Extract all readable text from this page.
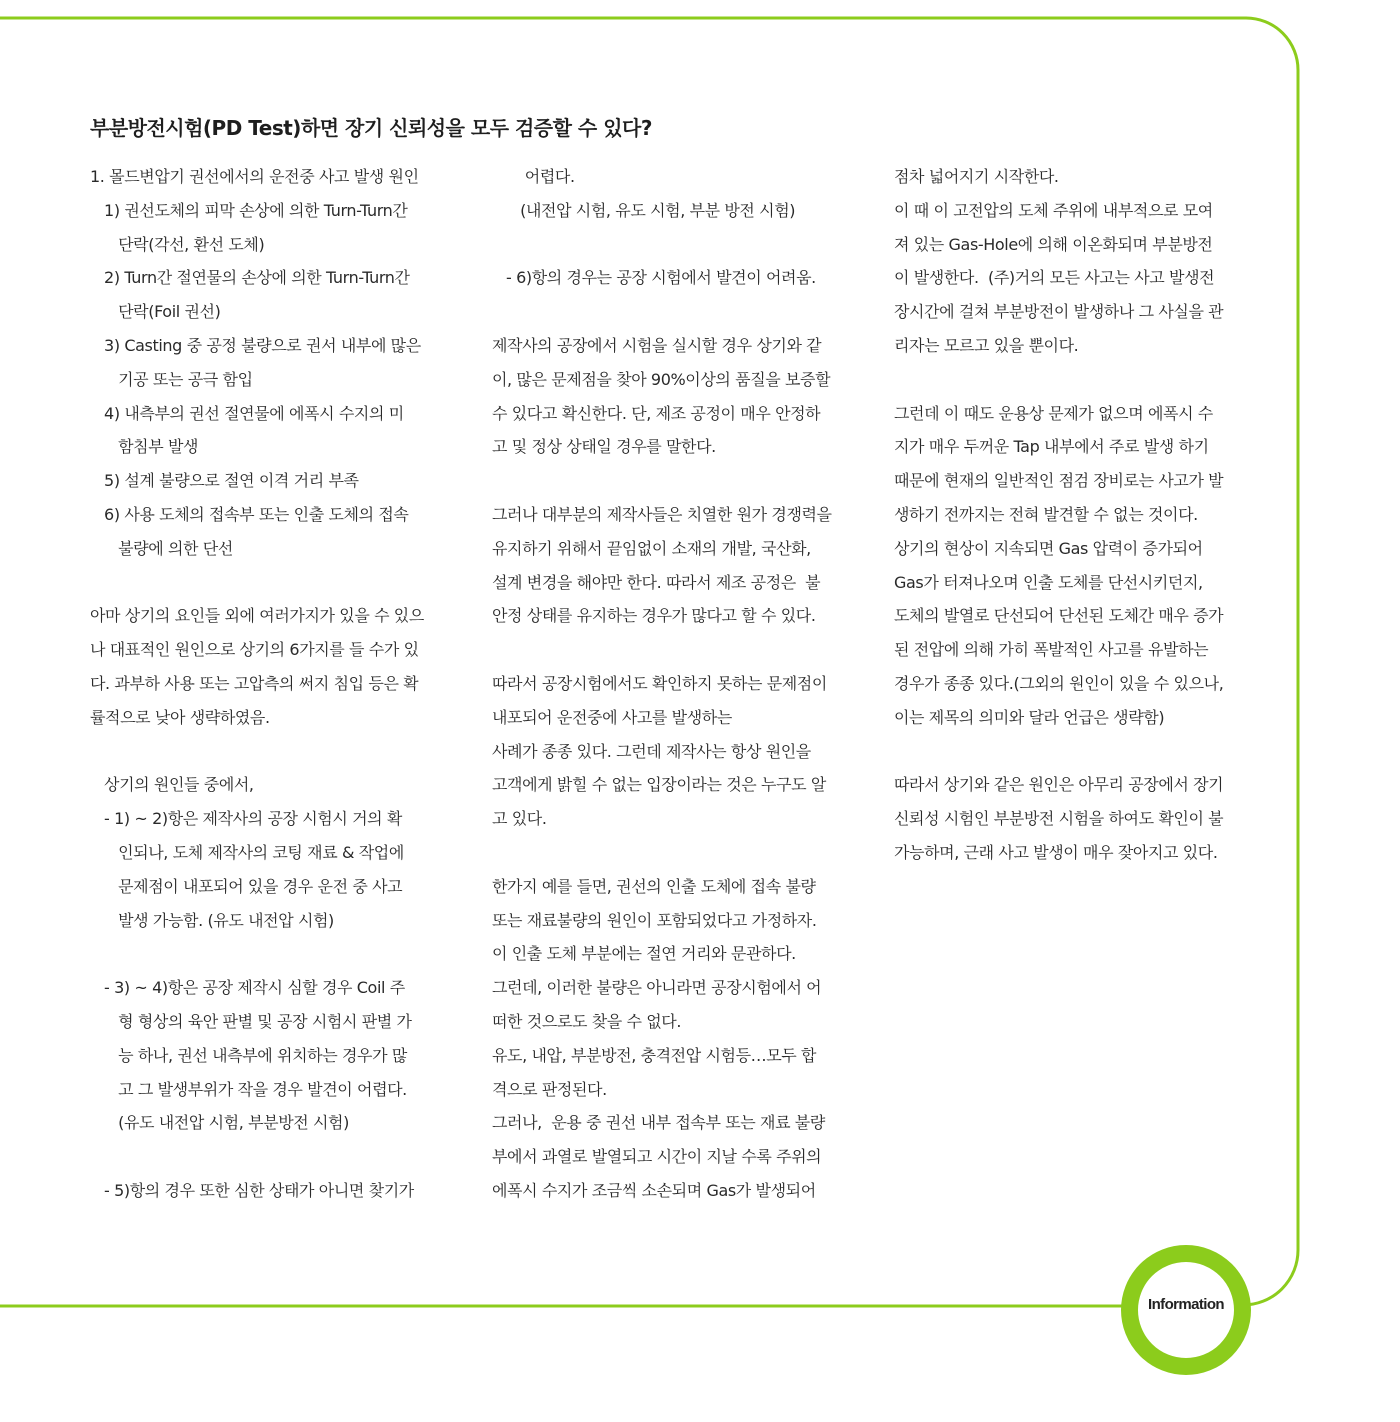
부분방전시험(PD Test)하면 장기 신뢰성을 모두 검증할 수 있다?

1. 몰드변압기 권선에서의 운전중 사고 발생 원인

1) 권선도체의 피막 손상에 의한 Turn-Turn간

단락(각선, 환선 도체)

2) Turn간 절연물의 손상에 의한 Turn-Turn간

단락(Foil 권선)

3) Casting 중 공정 불량으로 권서 내부에 많은

기공 또는 공극 함입

4) 내측부의 권선 절연물에 에폭시 수지의 미

함침부 발생

5) 설계 불량으로 절연 이격 거리 부족

6) 사용 도체의 접속부 또는 인출 도체의 접속

불량에 의한 단선

아마 상기의 요인들 외에 여러가지가 있을 수 있으

나 대표적인 원인으로 상기의 6가지를 들 수가 있

다. 과부하 사용 또는 고압측의 써지 침입 등은 확

률적으로 낮아 생략하였음.

상기의 원인들 중에서,

- 1) ~ 2)항은 제작사의 공장 시험시 거의 확

인되나, 도체 제작사의 코팅 재료 & 작업에

문제점이 내포되어 있을 경우 운전 중 사고

발생 가능함. (유도 내전압 시험)

- 3) ~ 4)항은 공장 제작시 심할 경우 Coil 주

형 형상의 육안 판별 및 공장 시험시 판별 가

능 하나, 권선 내측부에 위치하는 경우가 많

고 그 발생부위가 작을 경우 발견이 어렵다.

(유도 내전압 시험, 부분방전 시험)

- 5)항의 경우 또한 심한 상태가 아니면 찾기가

어렵다.

(내전압 시험, 유도 시험, 부분 방전 시험)

- 6)항의 경우는 공장 시험에서 발견이 어려움.

제작사의 공장에서 시험을 실시할 경우 상기와 같

이, 많은 문제점을 찾아 90%이상의 품질을 보증할

수 있다고 확신한다. 단, 제조 공정이 매우 안정하

고 및 정상 상태일 경우를 말한다.

그러나 대부분의 제작사들은 치열한 원가 경쟁력을

유지하기 위해서 끝임없이 소재의 개발, 국산화,

설계 변경을 해야만 한다. 따라서 제조 공정은  불

안정 상태를 유지하는 경우가 많다고 할 수 있다.

따라서 공장시험에서도 확인하지 못하는 문제점이

내포되어 운전중에 사고를 발생하는

사례가 종종 있다. 그런데 제작사는 항상 원인을

고객에게 밝힐 수 없는 입장이라는 것은 누구도 알

고 있다.

한가지 예를 들면, 권선의 인출 도체에 접속 불량

또는 재료불량의 원인이 포함되었다고 가정하자.

이 인출 도체 부분에는 절연 거리와 문관하다.

그런데, 이러한 불량은 아니라면 공장시험에서 어

떠한 것으로도 찾을 수 없다.

유도, 내압, 부분방전, 충격전압 시험등…모두 합

격으로 판정된다.

그러나,  운용 중 권선 내부 접속부 또는 재료 불량

부에서 과열로 발열되고 시간이 지날 수록 주위의

에폭시 수지가 조금씩 소손되며 Gas가 발생되어

점차 넓어지기 시작한다.

이 때 이 고전압의 도체 주위에 내부적으로 모여

져 있는 Gas-Hole에 의해 이온화되며 부분방전

이 발생한다.  (주)거의 모든 사고는 사고 발생전

장시간에 걸쳐 부분방전이 발생하나 그 사실을 관

리자는 모르고 있을 뿐이다.

그런데 이 때도 운용상 문제가 없으며 에폭시 수

지가 매우 두꺼운 Tap 내부에서 주로 발생 하기

때문에 현재의 일반적인 점검 장비로는 사고가 발

생하기 전까지는 전혀 발견할 수 없는 것이다.

상기의 현상이 지속되면 Gas 압력이 증가되어

Gas가 터져나오며 인출 도체를 단선시키던지,

도체의 발열로 단선되어 단선된 도체간 매우 증가

된 전압에 의해 가히 폭발적인 사고를 유발하는

경우가 종종 있다.(그외의 원인이 있을 수 있으나,

이는 제목의 의미와 달라 언급은 생략함)

따라서 상기와 같은 원인은 아무리 공장에서 장기

신뢰성 시험인 부분방전 시험을 하여도 확인이 불

가능하며, 근래 사고 발생이 매우 잦아지고 있다.

Information
